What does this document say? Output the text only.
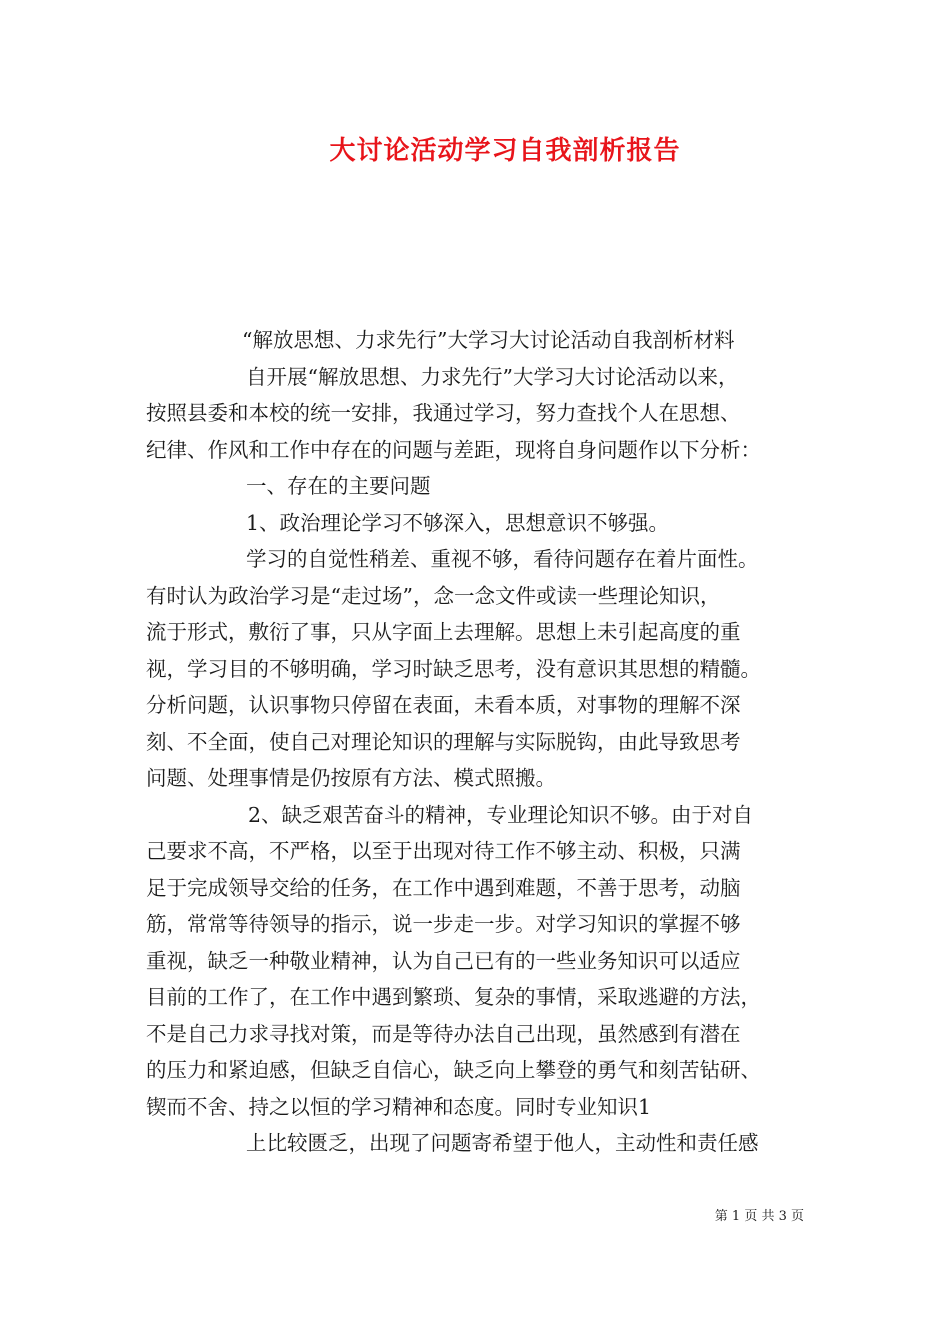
大讨论活动学习自我剖析报告
“解放思想、力求先行”大学习大讨论活动自我剖析材料
自开展“解放思想、力求先行”大学习大讨论活动以来，
按照县委和本校的统一安排，我通过学习，努力查找个人在思想、
纪律、作风和工作中存在的问题与差距，现将自身问题作以下分析：
一、存在的主要问题
1、政治理论学习不够深入，思想意识不够强。
学习的自觉性稍差、重视不够，看待问题存在着片面性。
有时认为政治学习是“走过场”，念一念文件或读一些理论知识，
流于形式，敷衍了事，只从字面上去理解。思想上未引起高度的重
视，学习目的不够明确，学习时缺乏思考，没有意识其思想的精髓。
分析问题，认识事物只停留在表面，未看本质，对事物的理解不深
刻、不全面，使自己对理论知识的理解与实际脱钩，由此导致思考
问题、处理事情是仍按原有方法、模式照搬。
2、缺乏艰苦奋斗的精神，专业理论知识不够。由于对自
己要求不高，不严格，以至于出现对待工作不够主动、积极，只满
足于完成领导交给的任务，在工作中遇到难题，不善于思考，动脑
筋，常常等待领导的指示，说一步走一步。对学习知识的掌握不够
重视，缺乏一种敬业精神，认为自己已有的一些业务知识可以适应
目前的工作了，在工作中遇到繁琐、复杂的事情，采取逃避的方法，
不是自己力求寻找对策，而是等待办法自己出现，虽然感到有潜在
的压力和紧迫感，但缺乏自信心，缺乏向上攀登的勇气和刻苦钻研、
锲而不舍、持之以恒的学习精神和态度。同时专业知识1
上比较匮乏，出现了问题寄希望于他人，主动性和责任感
第 1 页 共 3 页
